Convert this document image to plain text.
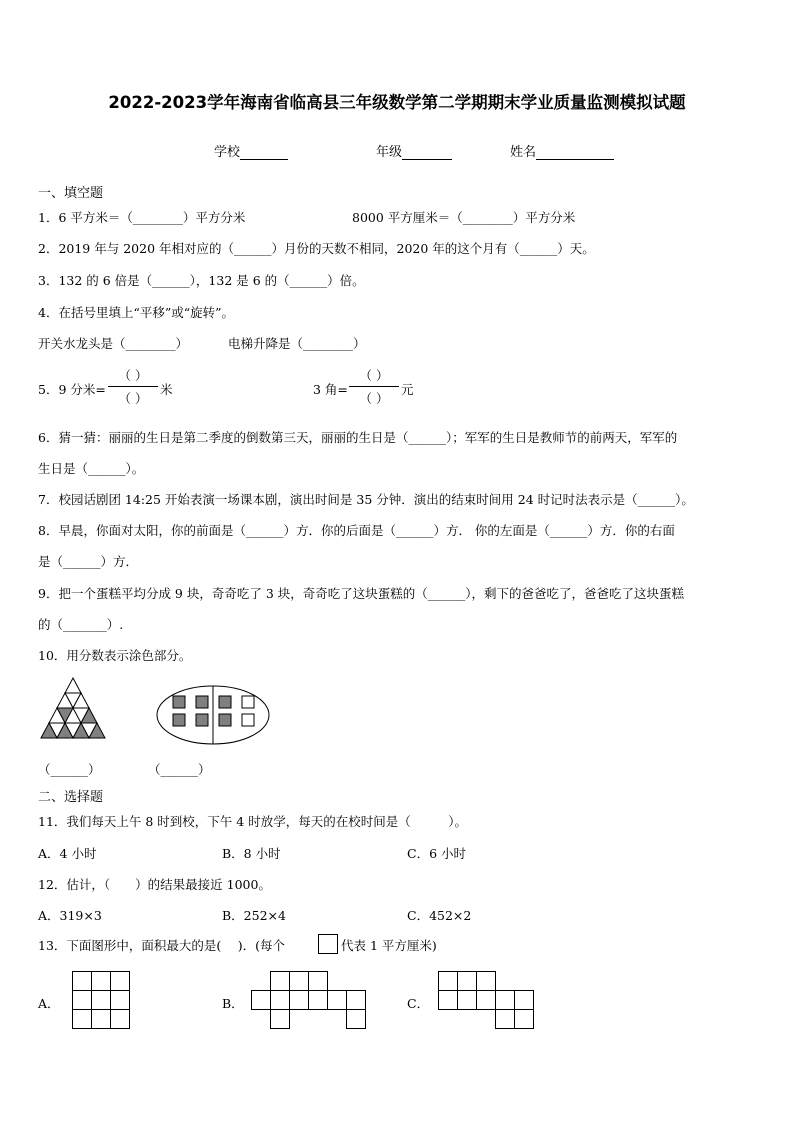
2022-2023学年海南省临高县三年级数学第二学期期末学业质量监测模拟试题
学校	年级	姓名
一、填空题
1．6 平方米＝（________）平方分米	8000 平方厘米＝（________）平方分米
2．2019 年与 2020 年相对应的（______）月份的天数不相同，2020 年的这个月有（______）天。
3．132 的 6 倍是（______），132 是 6 的（______）倍。
4．在括号里填上“平移”或“旋转”。
开关水龙头是（________）	电梯升降是（________）
5．9 分米=
（ ）
（ ）
米	3 角=
（ ）
（ ）
元
6．猜一猜：丽丽的生日是第二季度的倒数第三天，丽丽的生日是（______）；军军的生日是教师节的前两天，军军的
生日是（______）。
7．校园话剧团 14:25 开始表演一场课本剧，演出时间是 35 分钟．演出的结束时间用 24 时记时法表示是（______）。
8．早晨，你面对太阳，你的前面是（______）方．你的后面是（______）方． 你的左面是（______）方．你的右面
是（______）方．
9．把一个蛋糕平均分成 9 块，奇奇吃了 3 块，奇奇吃了这块蛋糕的（______），剩下的爸爸吃了，爸爸吃了这块蛋糕
的（_______）.
10．用分数表示涂色部分。
（______）	（______）
二、选择题
11．我们每天上午 8 时到校，下午 4 时放学，每天的在校时间是（　　　）。
A．4 小时	B．8 小时	C．6 小时
12．估计，（　　）的结果最接近 1000。
A．319×3	B．252×4	C．452×2
13．下面图形中，面积最大的是(　 )．(每个	代表 1 平方厘米)
A．	B．	C．
